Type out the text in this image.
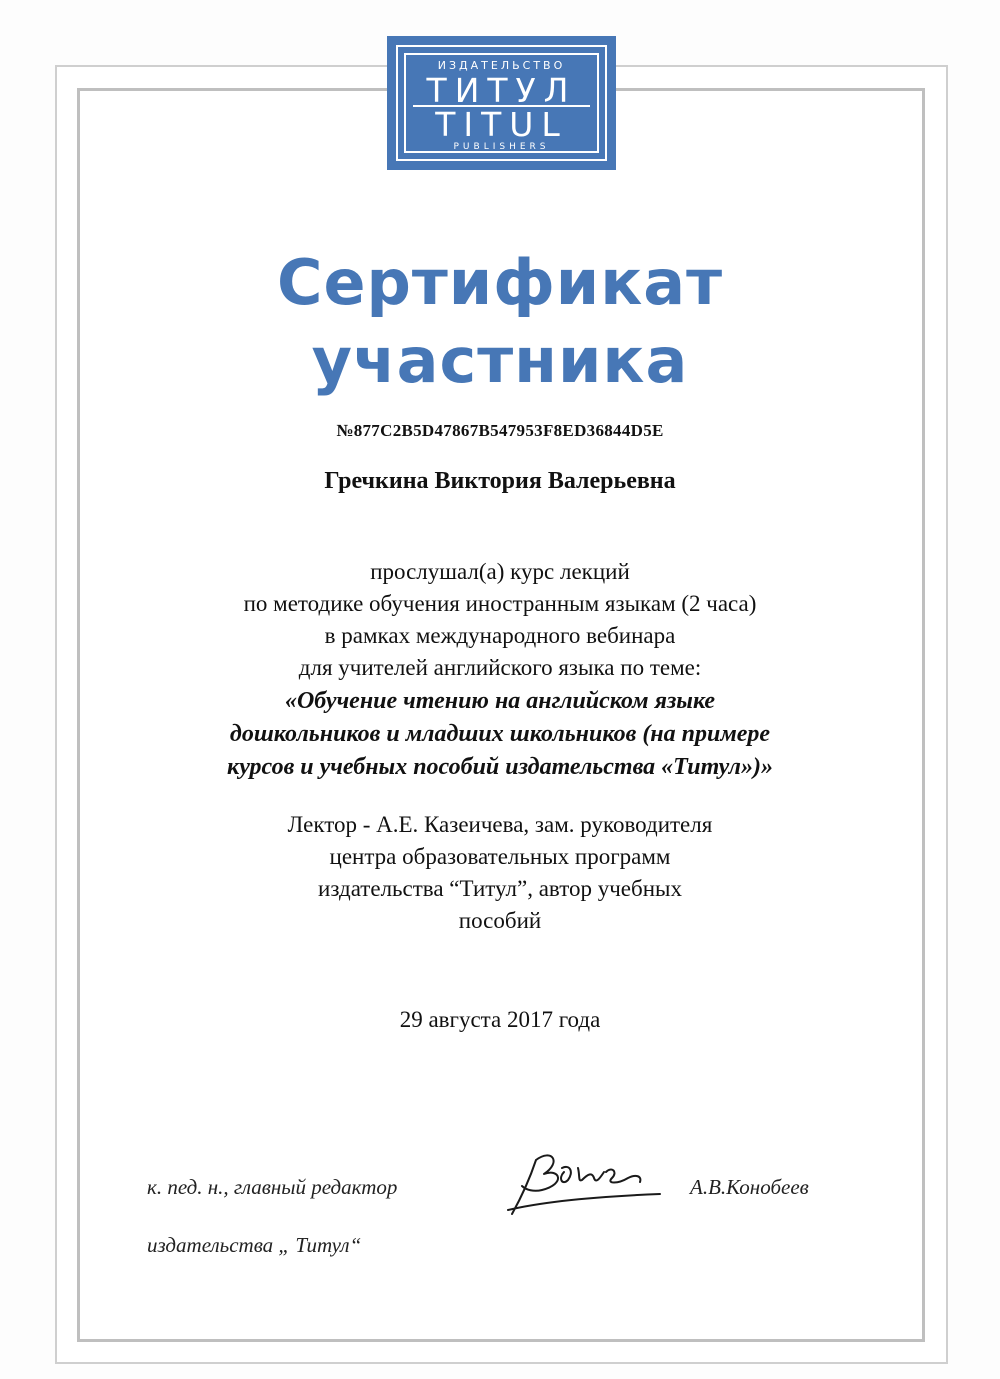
ИЗДАТЕЛЬСТВО
ТИТУЛ
TITUL
PUBLISHERS
Сертификат
участника
№877C2B5D47867B547953F8ED36844D5E
Гречкина Виктория Валерьевна
прослушал(а) курс лекций
по методике обучения иностранным языкам (2 часа)
в рамках международного вебинара
для учителей английского языка по теме:
«Обучение чтению на английском языке
дошкольников и младших школьников (на примере
курсов и учебных пособий издательства «Титул»)»
Лектор - А.Е. Казеичева, зам. руководителя
центра образовательных программ
издательства “Титул”, автор учебных
пособий
29 августа 2017 года
к. пед. н., главный редактор
издательства „ Титул“
А.В.Конобеев
